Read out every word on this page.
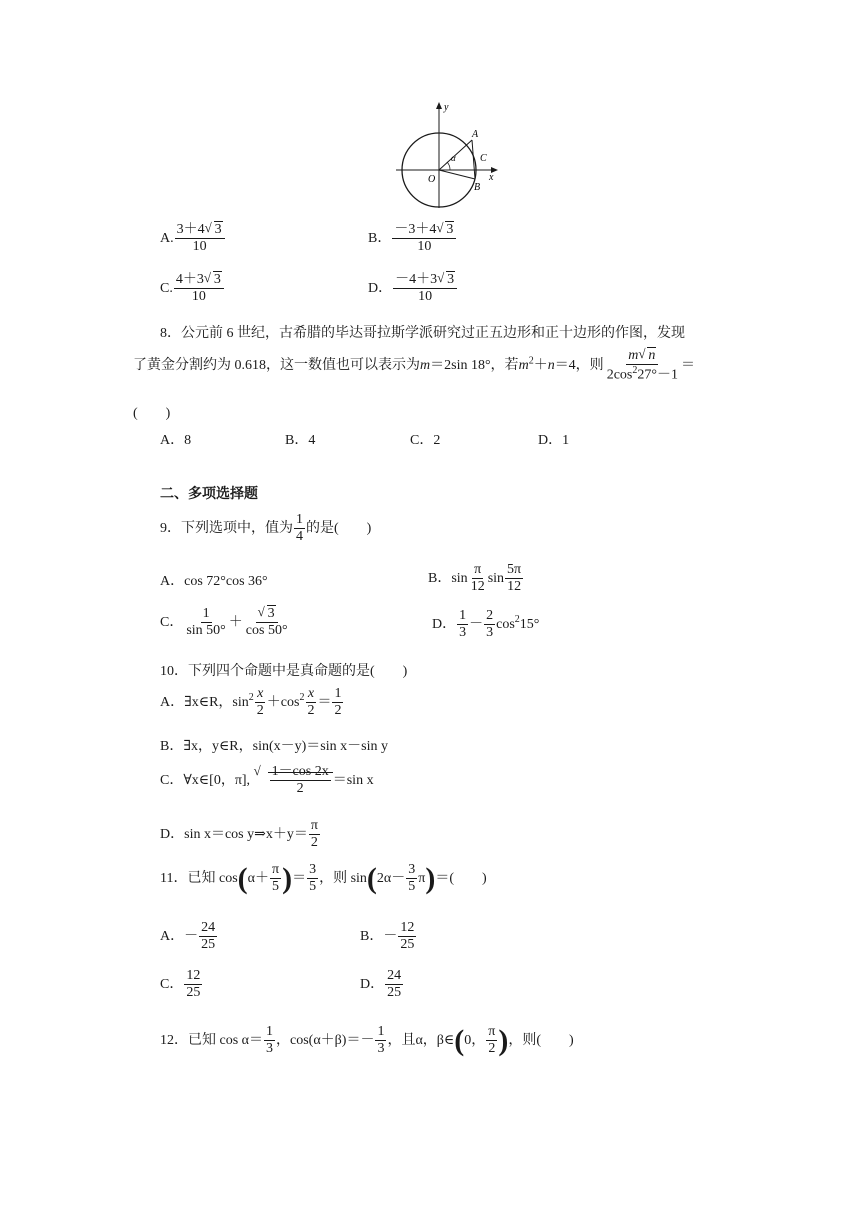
y
x
O
A
B
C
α
A. $\frac{3+4 √ 3}{10}$	B． $\frac{-3+4 √ 3}{10}$
C. $\frac{4+3 √ 3}{10}$	D． $\frac{-4+3 √ 3}{10}$
8．公元前 6 世纪，古希腊的毕达哥拉斯学派研究过正五边形和正十边形的作图，发现
了黄金分割约为 0.618，这一数值也可以表示为m＝2sin 18°，若$m^2+n=4$，则 $\frac{m √ n}{2\cos^227^\circ-1}$ ＝
(　　)
A．8	B．4	C．2	D．1
二、多项选择题
9．下列选项中，值为 $\frac{1}{4}$ 的是(　　)
A．cos 72°cos 36°	B．$\sin \frac{\pi}{12}$ $\sin \frac{5\pi}{12}$
C． $\frac{1}{\sin 50^\circ}$ ＋ √ $\frac{3}{\cos 50^\circ}$	D． $\frac{1}{3} - \frac{2}{3} \cos^215^\circ$
10．下列四个命题中是真命题的是(　　)
A．∃x∈R，$\sin^2 \frac{x}{2} +\cos^2 \frac{x}{2} = \frac{1}{2}$
B．∃x，y∈R，sin(x－y)＝sin x－sin y
C．∀x∈[0，π], √ $\frac{1-\cos 2x}{2} =\sin$ x
D．sin x＝cos y⇒x＋y＝ $\frac{\pi}{2}$
11．已知 $\cos(\alpha+ \frac{\pi}{5}$ )＝ $\frac{3}{5}$ ，则 $\sin(2\alpha- \frac{3}{5} \pi)=$(　　)
A．－ $\frac{24}{25}$	B．－ $\frac{12}{25}$
C． $\frac{12}{25}$	D． $\frac{24}{25}$
12．已知 $\cos \alpha= \frac{1}{3}$ ，$\cos(\alpha+\beta)=- \frac{1}{3}$ ，且α，β∈(0， $\frac{\pi}{2}$ )，则(　　)
